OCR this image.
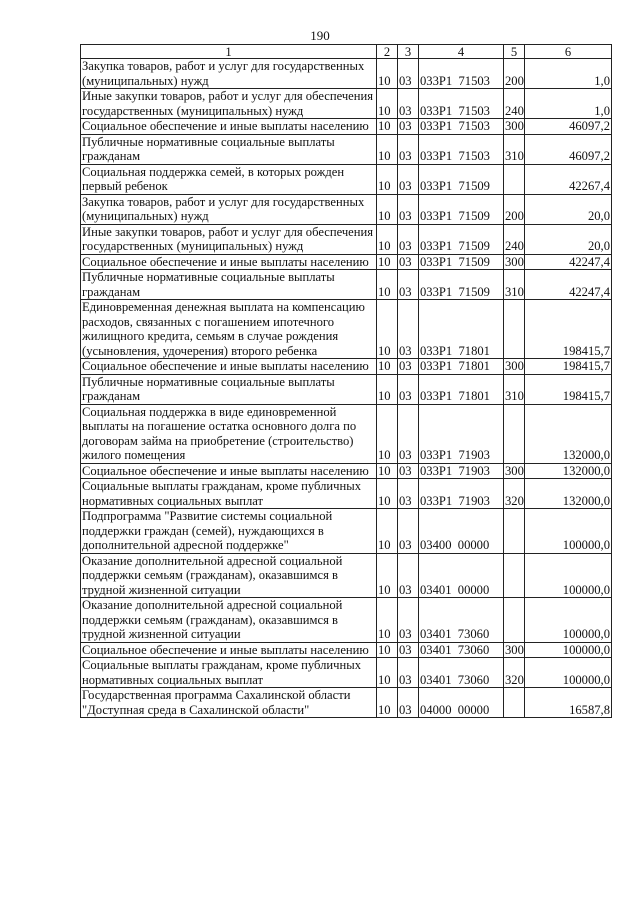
190
1	2	3	4	5	6
Закупка товаров, работ и услуг для государственных (муниципальных) нужд	10	03	033Р1  71503	200	1,0
Иные закупки товаров, работ и услуг для обеспечения государственных (муниципальных) нужд	10	03	033Р1  71503	240	1,0
Социальное обеспечение и иные выплаты населению	10	03	033Р1  71503	300	46097,2
Публичные нормативные социальные выплаты гражданам	10	03	033Р1  71503	310	46097,2
Социальная поддержка семей, в которых рожден первый ребенок	10	03	033Р1  71509		42267,4
Закупка товаров, работ и услуг для государственных (муниципальных) нужд	10	03	033Р1  71509	200	20,0
Иные закупки товаров, работ и услуг для обеспечения государственных (муниципальных) нужд	10	03	033Р1  71509	240	20,0
Социальное обеспечение и иные выплаты населению	10	03	033Р1  71509	300	42247,4
Публичные нормативные социальные выплаты гражданам	10	03	033Р1  71509	310	42247,4
Единовременная денежная выплата на компенсацию расходов, связанных с погашением ипотечного жилищного кредита, семьям в случае рождения (усыновления, удочерения) второго ребенка	10	03	033Р1  71801		198415,7
Социальное обеспечение и иные выплаты населению	10	03	033Р1  71801	300	198415,7
Публичные нормативные социальные выплаты гражданам	10	03	033Р1  71801	310	198415,7
Социальная поддержка в виде единовременной выплаты на погашение остатка основного долга по договорам займа на приобретение (строительство) жилого помещения	10	03	033Р1  71903		132000,0
Социальное обеспечение и иные выплаты населению	10	03	033Р1  71903	300	132000,0
Социальные выплаты гражданам, кроме публичных нормативных социальных выплат	10	03	033Р1  71903	320	132000,0
Подпрограмма "Развитие системы социальной поддержки граждан (семей), нуждающихся в дополнительной адресной поддержке"	10	03	03400  00000		100000,0
Оказание дополнительной адресной социальной поддержки семьям (гражданам), оказавшимся в трудной жизненной ситуации	10	03	03401  00000		100000,0
Оказание дополнительной адресной социальной поддержки семьям (гражданам), оказавшимся в трудной жизненной ситуации	10	03	03401  73060		100000,0
Социальное обеспечение и иные выплаты населению	10	03	03401  73060	300	100000,0
Социальные выплаты гражданам, кроме публичных нормативных социальных выплат	10	03	03401  73060	320	100000,0
Государственная программа Сахалинской области "Доступная среда в Сахалинской области"	10	03	04000  00000		16587,8
